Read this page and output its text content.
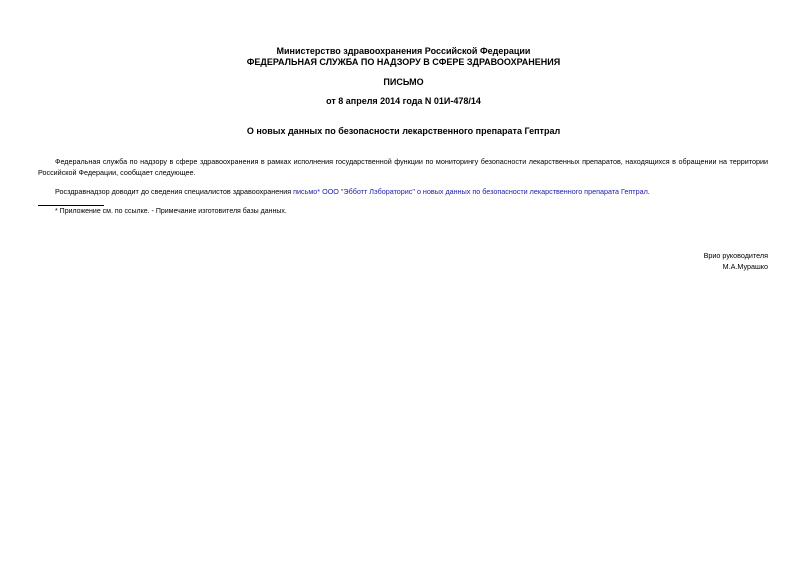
Министерство здравоохранения Российской Федерации
ФЕДЕРАЛЬНАЯ СЛУЖБА ПО НАДЗОРУ В СФЕРЕ ЗДРАВООХРАНЕНИЯ
ПИСЬМО
от 8 апреля 2014 года N 01И-478/14
О новых данных по безопасности лекарственного препарата Гептрал
Федеральная служба по надзору в сфере здравоохранения в рамках исполнения государственной функции по мониторингу безопасности лекарственных препаратов, находящихся в обращении на территории Российской Федерации, сообщает следующее.
Росздравнадзор доводит до сведения специалистов здравоохранения письмо* ООО "Эбботт Лэбораторис" о новых данных по безопасности лекарственного препарата Гептрал.
* Приложение см. по ссылке. - Примечание изготовителя базы данных.
Врио руководителя
М.А.Мурашко
